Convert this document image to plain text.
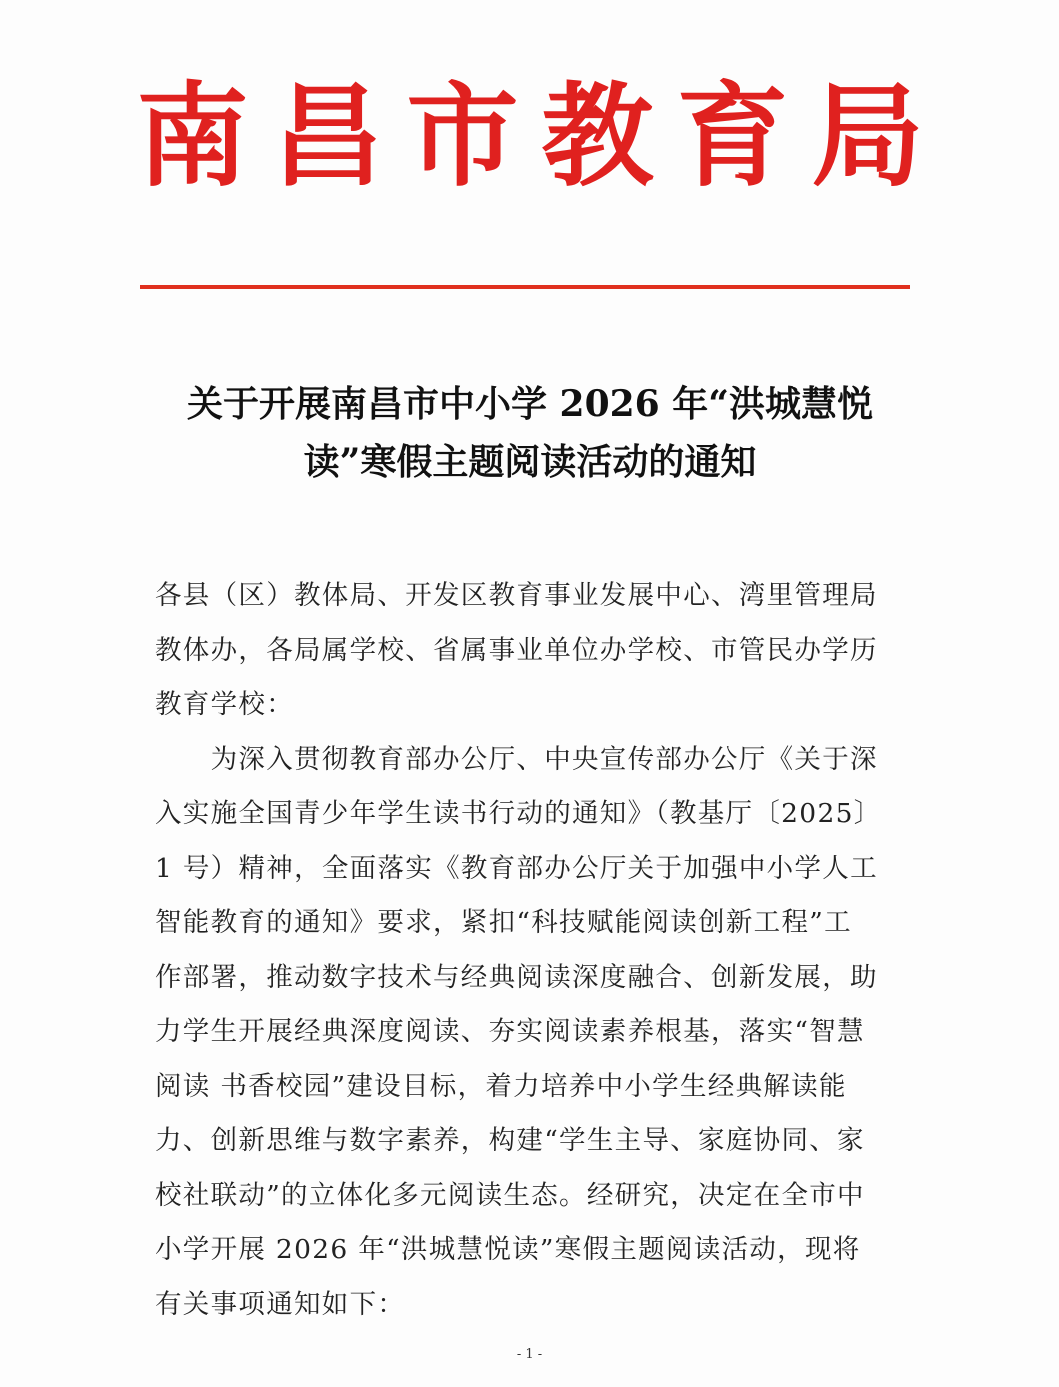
南 昌 市 教 育 局
关于开展南昌市中小学 2026 年“洪城慧悦
读”寒假主题阅读活动的通知
各县（区）教体局、开发区教育事业发展中心、湾里管理局
教体办，各局属学校、省属事业单位办学校、市管民办学历
教育学校：
　　为深入贯彻教育部办公厅、中央宣传部办公厅《关于深
入实施全国青少年学生读书行动的通知》（教基厅〔2025〕
1 号）精神，全面落实《教育部办公厅关于加强中小学人工
智能教育的通知》要求，紧扣“科技赋能阅读创新工程”工
作部署，推动数字技术与经典阅读深度融合、创新发展，助
力学生开展经典深度阅读、夯实阅读素养根基，落实“智慧
阅读 书香校园”建设目标，着力培养中小学生经典解读能
力、创新思维与数字素养，构建“学生主导、家庭协同、家
校社联动”的立体化多元阅读生态。经研究，决定在全市中
小学开展 2026 年“洪城慧悦读”寒假主题阅读活动，现将
有关事项通知如下：
- 1 -
